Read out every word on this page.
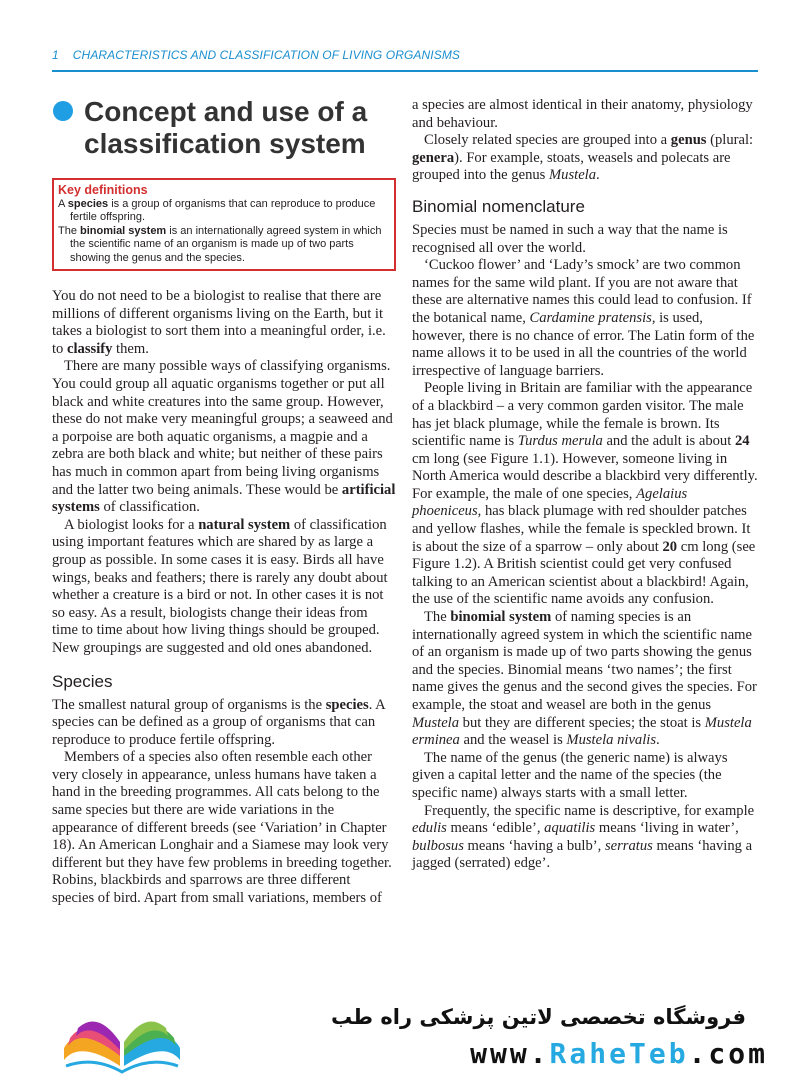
1 CHARACTERISTICS AND CLASSIFICATION OF LIVING ORGANISMS
Concept and use of a classification system
Key definitions

A species is a group of organisms that can reproduce to produce fertile offspring.

The binomial system is an internationally agreed system in which the scientific name of an organism is made up of two parts showing the genus and the species.

You do not need to be a biologist to realise that there are millions of different organisms living on the Earth, but it takes a biologist to sort them into a meaningful order, i.e. to classify them.

There are many possible ways of classifying organisms. You could group all aquatic organisms together or put all black and white creatures into the same group. However, these do not make very meaningful groups; a seaweed and a porpoise are both aquatic organisms, a magpie and a zebra are both black and white; but neither of these pairs has much in common apart from being living organisms and the latter two being animals. These would be artificial systems of classification.

A biologist looks for a natural system of classification using important features which are shared by as large a group as possible. In some cases it is easy. Birds all have wings, beaks and feathers; there is rarely any doubt about whether a creature is a bird or not. In other cases it is not so easy. As a result, biologists change their ideas from time to time about how living things should be grouped. New groupings are suggested and old ones abandoned.

Species

The smallest natural group of organisms is the species. A species can be defined as a group of organisms that can reproduce to produce fertile offspring.

Members of a species also often resemble each other very closely in appearance, unless humans have taken a hand in the breeding programmes. All cats belong to the same species but there are wide variations in the appearance of different breeds (see ‘Variation’ in Chapter 18). An American Longhair and a Siamese may look very different but they have few problems in breeding together. Robins, blackbirds and sparrows are three different species of bird. Apart from small variations, members of

a species are almost identical in their anatomy, physiology and behaviour.

Closely related species are grouped into a genus (plural: genera). For example, stoats, weasels and polecats are grouped into the genus Mustela.

Binomial nomenclature

Species must be named in such a way that the name is recognised all over the world.

‘Cuckoo flower’ and ‘Lady’s smock’ are two common names for the same wild plant. If you are not aware that these are alternative names this could lead to confusion. If the botanical name, Cardamine pratensis, is used, however, there is no chance of error. The Latin form of the name allows it to be used in all the countries of the world irrespective of language barriers.

People living in Britain are familiar with the appearance of a blackbird – a very common garden visitor. The male has jet black plumage, while the female is brown. Its scientific name is Turdus merula and the adult is about 24 cm long (see Figure 1.1). However, someone living in North America would describe a blackbird very differently. For example, the male of one species, Agelaius phoeniceus, has black plumage with red shoulder patches and yellow flashes, while the female is speckled brown. It is about the size of a sparrow – only about 20 cm long (see Figure 1.2). A British scientist could get very confused talking to an American scientist about a blackbird! Again, the use of the scientific name avoids any confusion.

The binomial system of naming species is an internationally agreed system in which the scientific name of an organism is made up of two parts showing the genus and the species. Binomial means ‘two names’; the first name gives the genus and the second gives the species. For example, the stoat and weasel are both in the genus Mustela but they are different species; the stoat is Mustela erminea and the weasel is Mustela nivalis.

The name of the genus (the generic name) is always given a capital letter and the name of the species (the specific name) always starts with a small letter.

Frequently, the specific name is descriptive, for example edulis means ‘edible’, aquatilis means ‘living in water’, bulbosus means ‘having a bulb’, serratus means ‘having a jagged (serrated) edge’.

فروشگاه تخصصی لاتین پزشکی راه طب
www.RaheTeb.com
